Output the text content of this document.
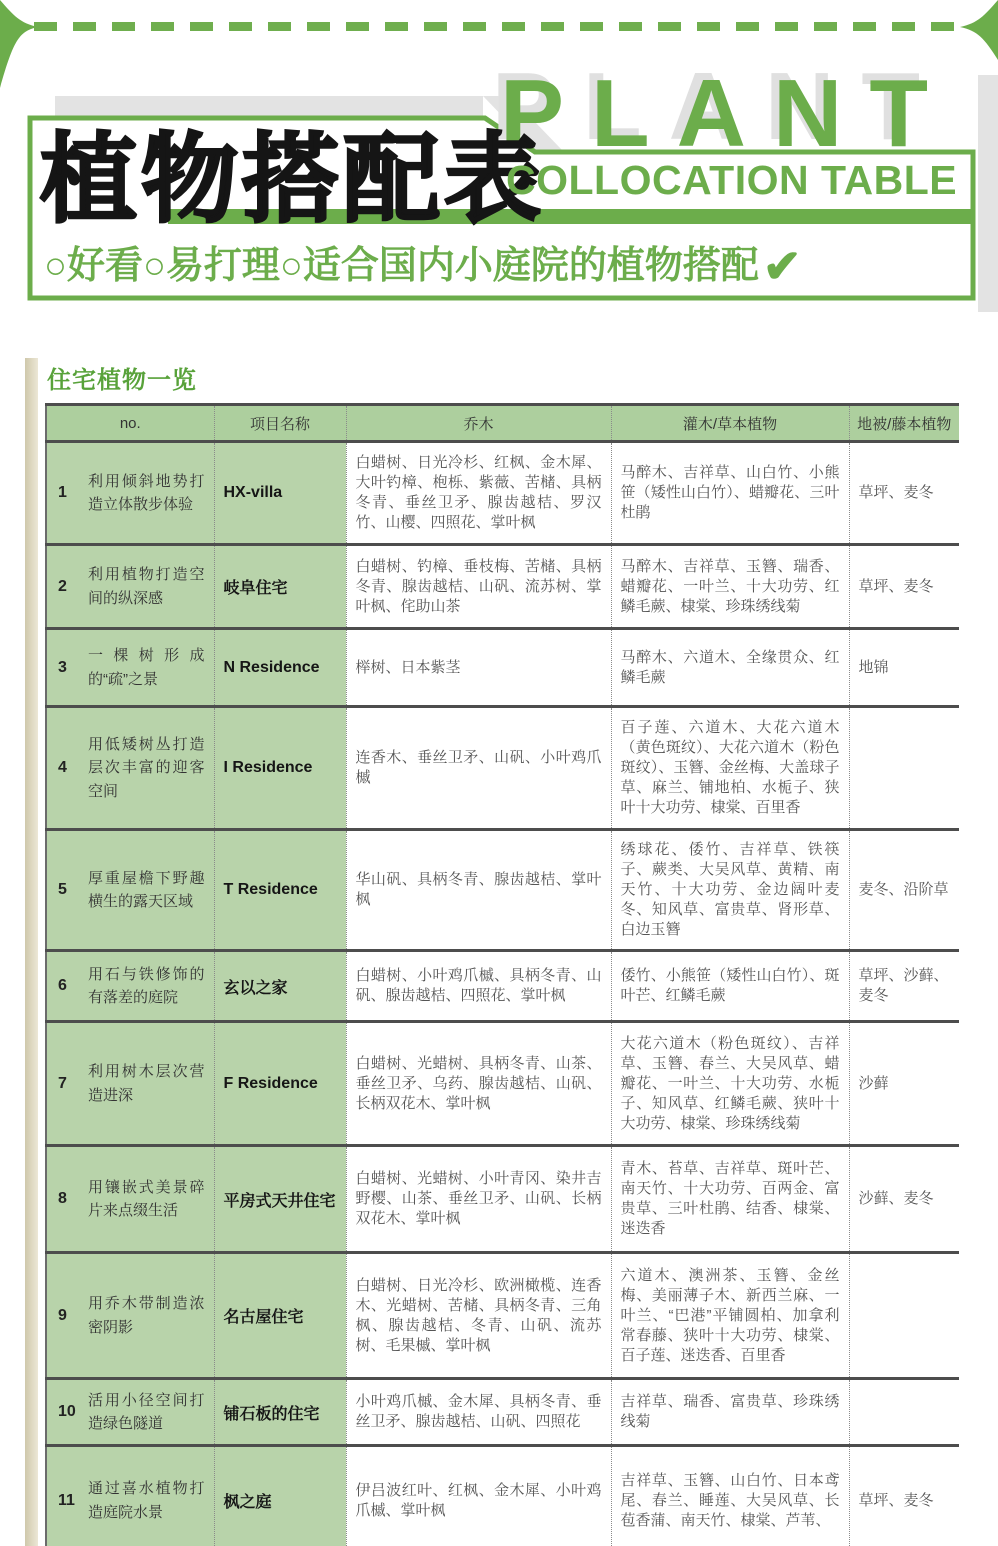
PLANT
植物搭配表
COLLOCATION TABLE
○好看○易打理○适合国内小庭院的植物搭配✔
住宅植物一览
no.	项目名称	乔木	灌木/草本植物	地被/藤本植物

1
利用倾斜地势打造立体散步体验	HX-villa	白蜡树、日光冷杉、红枫、金木犀、大叶钓樟、枹栎、紫薇、苦槠、具柄冬青、垂丝卫矛、腺齿越桔、罗汉竹、山樱、四照花、掌叶枫	马醉木、吉祥草、山白竹、小熊笹（矮性山白竹）、蜡瓣花、三叶杜鹃	草坪、麦冬

2
利用植物打造空间的纵深感	岐阜住宅	白蜡树、钓樟、垂枝梅、苦槠、具柄冬青、腺齿越桔、山矾、流苏树、掌叶枫、侘助山茶	马醉木、吉祥草、玉簪、瑞香、蜡瓣花、一叶兰、十大功劳、红鳞毛蕨、棣棠、珍珠绣线菊	草坪、麦冬

3
一棵树形成的“疏”之景	N Residence	榉树、日本紫茎	马醉木、六道木、全缘贯众、红鳞毛蕨	地锦

4
用低矮树丛打造层次丰富的迎客空间	I Residence	连香木、垂丝卫矛、山矾、小叶鸡爪槭	百子莲、六道木、大花六道木（黄色斑纹）、大花六道木（粉色斑纹）、玉簪、金丝梅、大盖球子草、麻兰、铺地柏、水栀子、狭叶十大功劳、棣棠、百里香	

5
厚重屋檐下野趣横生的露天区域	T Residence	华山矾、具柄冬青、腺齿越桔、掌叶枫	绣球花、倭竹、吉祥草、铁筷子、蕨类、大吴风草、黄精、南天竹、十大功劳、金边阔叶麦冬、知风草、富贵草、肾形草、白边玉簪	麦冬、沿阶草

6
用石与铁修饰的有落差的庭院	玄以之家	白蜡树、小叶鸡爪槭、具柄冬青、山矾、腺齿越桔、四照花、掌叶枫	倭竹、小熊笹（矮性山白竹）、斑叶芒、红鳞毛蕨	草坪、沙藓、麦冬

7
利用树木层次营造进深	F Residence	白蜡树、光蜡树、具柄冬青、山茶、垂丝卫矛、乌药、腺齿越桔、山矾、长柄双花木、掌叶枫	大花六道木（粉色斑纹）、吉祥草、玉簪、春兰、大吴风草、蜡瓣花、一叶兰、十大功劳、水栀子、知风草、红鳞毛蕨、狭叶十大功劳、棣棠、珍珠绣线菊	沙藓

8
用镶嵌式美景碎片来点缀生活	平房式天井住宅	白蜡树、光蜡树、小叶青冈、染井吉野樱、山茶、垂丝卫矛、山矾、长柄双花木、掌叶枫	青木、苔草、吉祥草、斑叶芒、南天竹、十大功劳、百两金、富贵草、三叶杜鹃、结香、棣棠、迷迭香	沙藓、麦冬

9
用乔木带制造浓密阴影	名古屋住宅	白蜡树、日光冷杉、欧洲橄榄、连香木、光蜡树、苦槠、具柄冬青、三角枫、腺齿越桔、冬青、山矾、流苏树、毛果槭、掌叶枫	六道木、澳洲茶、玉簪、金丝梅、美丽薄子木、新西兰麻、一叶兰、“巴港”平铺圆柏、加拿利常春藤、狭叶十大功劳、棣棠、百子莲、迷迭香、百里香	

10
活用小径空间打造绿色隧道	铺石板的住宅	小叶鸡爪槭、金木犀、具柄冬青、垂丝卫矛、腺齿越桔、山矾、四照花	吉祥草、瑞香、富贵草、珍珠绣线菊	

11
通过喜水植物打造庭院水景	枫之庭	伊吕波红叶、红枫、金木犀、小叶鸡爪槭、掌叶枫	吉祥草、玉簪、山白竹、日本鸢尾、春兰、睡莲、大吴风草、长苞香蒲、南天竹、棣棠、芦苇、	草坪、麦冬
